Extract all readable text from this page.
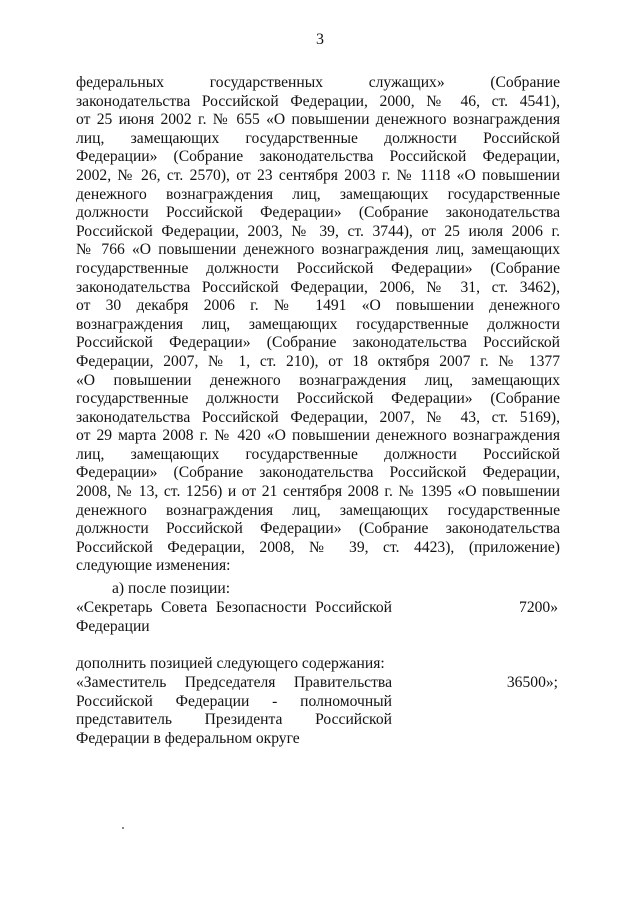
3
федеральных государственных служащих» (Собрание
законодательства Российской Федерации, 2000, № 46, ст. 4541),
от 25 июня 2002 г. № 655 «О повышении денежного вознаграждения
лиц, замещающих государственные должности Российской
Федерации» (Собрание законодательства Российской Федерации,
2002, № 26, ст. 2570), от 23 сентября 2003 г. № 1118 «О повышении
денежного вознаграждения лиц, замещающих государственные
должности Российской Федерации» (Собрание законодательства
Российской Федерации, 2003, № 39, ст. 3744), от 25 июля 2006 г.
№ 766 «О повышении денежного вознаграждения лиц, замещающих
государственные должности Российской Федерации» (Собрание
законодательства Российской Федерации, 2006, № 31, ст. 3462),
от 30 декабря 2006 г. № 1491 «О повышении денежного
вознаграждения лиц, замещающих государственные должности
Российской Федерации» (Собрание законодательства Российской
Федерации, 2007, № 1, ст. 210), от 18 октября 2007 г. № 1377
«О повышении денежного вознаграждения лиц, замещающих
государственные должности Российской Федерации» (Собрание
законодательства Российской Федерации, 2007, № 43, ст. 5169),
от 29 марта 2008 г. № 420 «О повышении денежного вознаграждения
лиц, замещающих государственные должности Российской
Федерации» (Собрание законодательства Российской Федерации,
2008, № 13, ст. 1256) и от 21 сентября 2008 г. № 1395 «О повышении
денежного вознаграждения лиц, замещающих государственные
должности Российской Федерации» (Собрание законодательства
Российской Федерации, 2008, № 39, ст. 4423), (приложение)
следующие изменения:
а) после позиции:
«Секретарь Совета Безопасности Российской
Федерации
7200»
дополнить позицией следующего содержания:
«Заместитель Председателя Правительства
Российской Федерации - полномочный
представитель Президента Российской
Федерации в федеральном округе
36500»;
